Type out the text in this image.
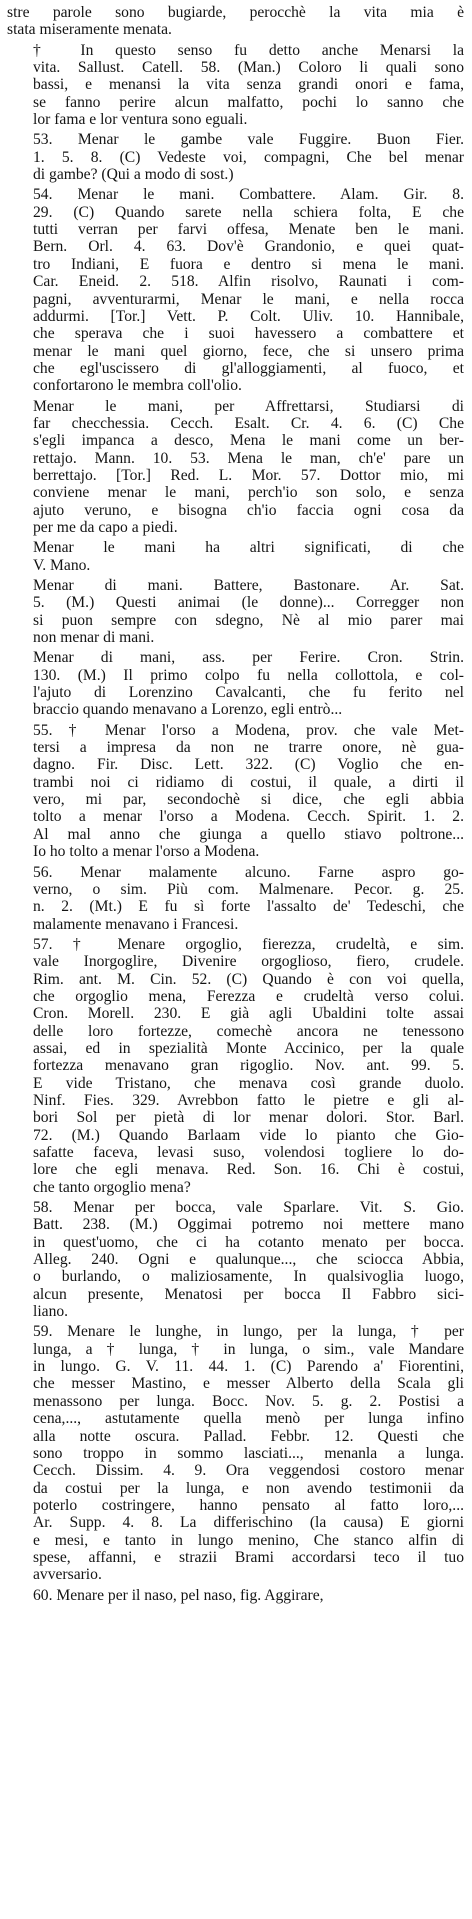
stre parole sono bugiarde, perocchè la vita mia è
stata miseramente menata.

† In questo senso fu detto anche Menarsi la
vita. Sallust. Catell. 58. (Man.) Coloro li quali sono
bassi, e menansi la vita senza grandi onori e fama,
se fanno perire alcun malfatto, pochi lo sanno che
lor fama e lor ventura sono eguali.

53. Menar le gambe vale Fuggire. Buon Fier.
1. 5. 8. (C) Vedeste voi, compagni, Che bel menar
di gambe? (Qui a modo di sost.)

54. Menar le mani. Combattere. Alam. Gir. 8.
29. (C) Quando sarete nella schiera folta, E che
tutti verran per farvi offesa, Menate ben le mani.
Bern. Orl. 4. 63. Dov'è Grandonio, e quei quat-
tro Indiani, E fuora e dentro si mena le mani.
Car. Eneid. 2. 518. Alfin risolvo, Raunati i com-
pagni, avventurarmi, Menar le mani, e nella rocca
addurmi. [Tor.] Vett. P. Colt. Uliv. 10. Hannibale,
che sperava che i suoi havessero a combattere et
menar le mani quel giorno, fece, che si unsero prima
che egl'uscissero di gl'alloggiamenti, al fuoco, et
confortarono le membra coll'olio.

Menar le mani, per Affrettarsi, Studiarsi di
far checchessia. Cecch. Esalt. Cr. 4. 6. (C) Che
s'egli impanca a desco, Mena le mani come un ber-
rettajo. Mann. 10. 53. Mena le man, ch'e' pare un
berrettajo. [Tor.] Red. L. Mor. 57. Dottor mio, mi
conviene menar le mani, perch'io son solo, e senza
ajuto veruno, e bisogna ch'io faccia ogni cosa da
per me da capo a piedi.

Menar le mani ha altri significati, di che
V. Mano.

Menar di mani. Battere, Bastonare. Ar. Sat.
5. (M.) Questi animai (le donne)... Corregger non
si puon sempre con sdegno, Nè al mio parer mai
non menar di mani.

Menar di mani, ass. per Ferire. Cron. Strin.
130. (M.) Il primo colpo fu nella collottola, e col-
l'ajuto di Lorenzino Cavalcanti, che fu ferito nel
braccio quando menavano a Lorenzo, egli entrò...

55. † Menar l'orso a Modena, prov. che vale Met-
tersi a impresa da non ne trarre onore, nè gua-
dagno. Fir. Disc. Lett. 322. (C) Voglio che en-
trambi noi ci ridiamo di costui, il quale, a dirti il
vero, mi par, secondochè si dice, che egli abbia
tolto a menar l'orso a Modena. Cecch. Spirit. 1. 2.
Al mal anno che giunga a quello stiavo poltrone...
Io ho tolto a menar l'orso a Modena.

56. Menar malamente alcuno. Farne aspro go-
verno, o sim. Più com. Malmenare. Pecor. g. 25.
n. 2. (Mt.) E fu sì forte l'assalto de' Tedeschi, che
malamente menavano i Francesi.

57. † Menare orgoglio, fierezza, crudeltà, e sim.
vale Inorgoglire, Divenire orgoglioso, fiero, crudele.
Rim. ant. M. Cin. 52. (C) Quando è con voi quella,
che orgoglio mena, Ferezza e crudeltà verso colui.
Cron. Morell. 230. E già agli Ubaldini tolte assai
delle loro fortezze, comechè ancora ne tenessono
assai, ed in spezialità Monte Accinico, per la quale
fortezza menavano gran rigoglio. Nov. ant. 99. 5.
E vide Tristano, che menava così grande duolo.
Ninf. Fies. 329. Avrebbon fatto le pietre e gli al-
bori Sol per pietà di lor menar dolori. Stor. Barl.
72. (M.) Quando Barlaam vide lo pianto che Gio-
safatte faceva, levasi suso, volendosi togliere lo do-
lore che egli menava. Red. Son. 16. Chi è costui,
che tanto orgoglio mena?

58. Menar per bocca, vale Sparlare. Vit. S. Gio.
Batt. 238. (M.) Oggimai potremo noi mettere mano
in quest'uomo, che ci ha cotanto menato per bocca.
Alleg. 240. Ogni e qualunque..., che sciocca Abbia,
o burlando, o maliziosamente, In qualsivoglia luogo,
alcun presente, Menatosi per bocca Il Fabbro sici-
liano.

59. Menare le lunghe, in lungo, per la lunga, † per
lunga, a † lunga, † in lunga, o sim., vale Mandare
in lungo. G. V. 11. 44. 1. (C) Parendo a' Fiorentini,
che messer Mastino, e messer Alberto della Scala gli
menassono per lunga. Bocc. Nov. 5. g. 2. Postisi a
cena,..., astutamente quella menò per lunga infino
alla notte oscura. Pallad. Febbr. 12. Questi che
sono troppo in sommo lasciati..., menanla a lunga.
Cecch. Dissim. 4. 9. Ora veggendosi costoro menar
da costui per la lunga, e non avendo testimonii da
poterlo costringere, hanno pensato al fatto loro,...
Ar. Supp. 4. 8. La differischino (la causa) E giorni
e mesi, e tanto in lungo menino, Che stanco alfin di
spese, affanni, e strazii Brami accordarsi teco il tuo
avversario.

60. Menare per il naso, pel naso, fig. Aggirare,
